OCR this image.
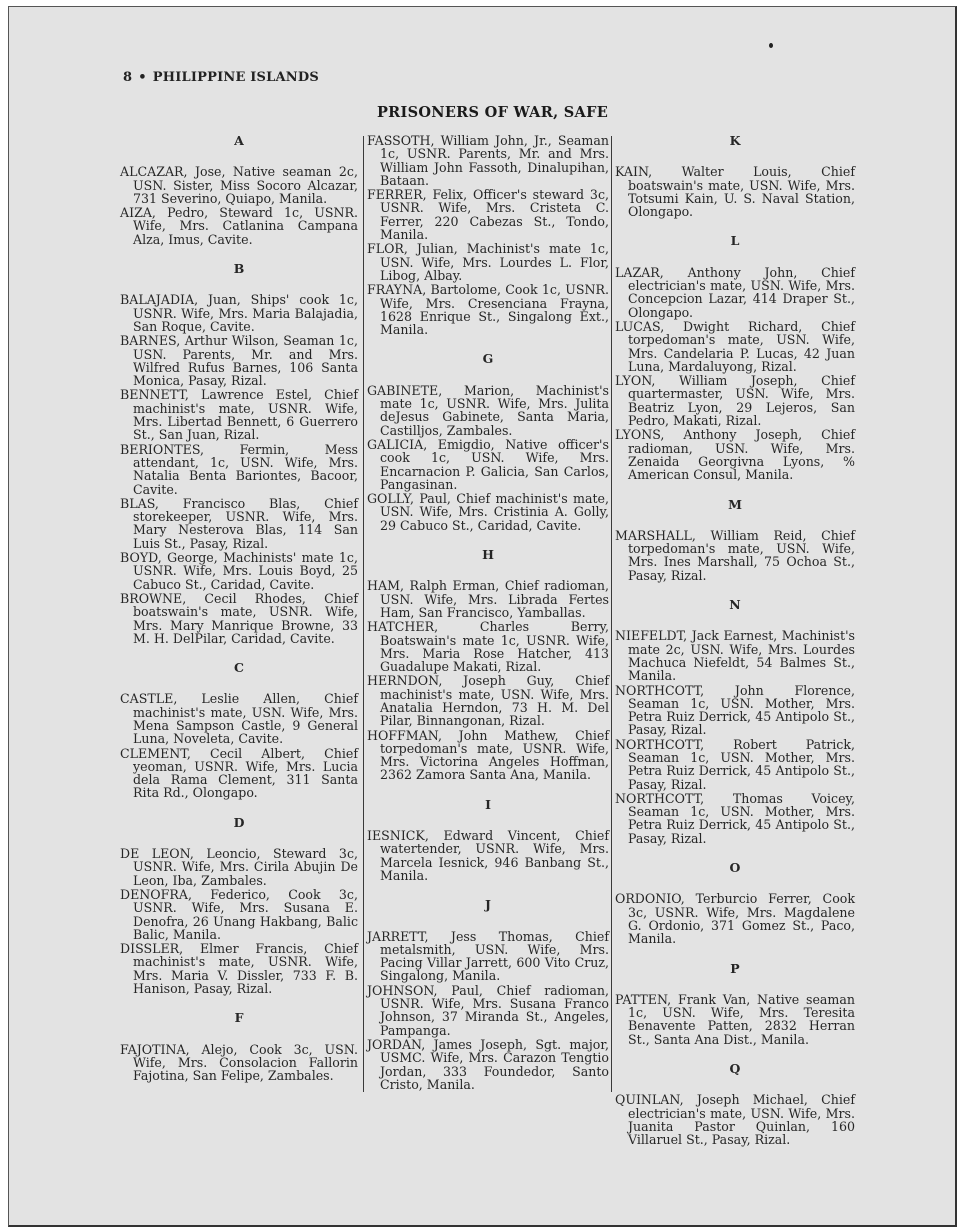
8 • PHILIPPINE ISLANDS
PRISONERS OF WAR, SAFE
A
ALCAZAR, Jose, Native seaman 2c, USN. Sister, Miss Socoro Alcazar, 731 Severino, Quiapo, Manila.
AIZA, Pedro, Steward 1c, USNR. Wife, Mrs. Catlanina Campana Alza, Imus, Cavite.
B
BALAJADIA, Juan, Ships' cook 1c, USNR. Wife, Mrs. Maria Balajadia, San Roque, Cavite.
BARNES, Arthur Wilson, Seaman 1c, USN. Parents, Mr. and Mrs. Wilfred Rufus Barnes, 106 Santa Monica, Pasay, Rizal.
BENNETT, Lawrence Estel, Chief machinist's mate, USNR. Wife, Mrs. Libertad Bennett, 6 Guerrero St., San Juan, Rizal.
BERIONTES,	Fermin, Mess attendant, 1c, USN. Wife, Mrs. Natalia Benta Bariontes, Bacoor, Cavite.
BLAS, Francisco Blas, Chief storekeeper, USNR. Wife, Mrs. Mary Nesterova Blas, 114 San Luis St., Pasay, Rizal.
BOYD, George, Machinists' mate 1c, USNR. Wife, Mrs. Louis Boyd, 25 Cabuco St., Caridad, Cavite.
BROWNE, Cecil Rhodes, Chief boatswain's mate, USNR. Wife, Mrs. Mary Manrique Browne, 33 M. H. DelPilar, Caridad, Cavite.
C
CASTLE, Leslie Allen, Chief machinist's mate, USN. Wife, Mrs. Mena Sampson Castle, 9 General Luna, Noveleta, Cavite.
CLEMENT, Cecil Albert, Chief yeoman, USNR. Wife, Mrs. Lucia dela Rama Clement, 311 Santa Rita Rd., Olongapo.
D
DE LEON, Leoncio, Steward 3c, USNR. Wife, Mrs. Cirila Abujin De Leon, Iba, Zambales.
DENOFRA, Federico, Cook 3c, USNR. Wife, Mrs. Susana E. Denofra, 26 Unang Hakbang, Balic Balic, Manila.
DISSLER, Elmer Francis, Chief machinist's mate, USNR. Wife, Mrs. Maria V. Dissler, 733 F. B. Hanison, Pasay, Rizal.
F
FAJOTINA, Alejo, Cook 3c, USN. Wife, Mrs. Consolacion Fallorin Fajotina, San Felipe, Zambales.
FASSOTH, William John, Jr., Seaman 1c, USNR. Parents, Mr. and Mrs. William John Fassoth, Dinalupihan, Bataan.
FERRER, Felix, Officer's steward 3c, USNR. Wife, Mrs. Cristeta C. Ferrer, 220 Cabezas St., Tondo, Manila.
FLOR, Julian, Machinist's mate 1c, USN. Wife, Mrs. Lourdes L. Flor, Libog, Albay.
FRAYNA, Bartolome, Cook 1c, USNR. Wife, Mrs. Cresenciana Frayna, 1628 Enrique St., Singalong Ext., Manila.
G
GABINETE, Marion, Machinist's mate 1c, USNR. Wife, Mrs. Julita deJesus Gabinete, Santa Maria, Castilljos, Zambales.
GALICIA, Emigdio, Native officer's cook 1c, USN. Wife, Mrs. Encarnacion P. Galicia, San Carlos, Pangasinan.
GOLLY, Paul, Chief machinist's mate, USN. Wife, Mrs. Cristinia A. Golly, 29 Cabuco St., Caridad, Cavite.
H
HAM, Ralph Erman, Chief radioman, USN. Wife, Mrs. Librada Fertes Ham, San Francisco, Yamballas.
HATCHER,	Charles Berry, Boatswain's mate 1c, USNR. Wife, Mrs. Maria Rose Hatcher, 413 Guadalupe Makati, Rizal.
HERNDON, Joseph Guy, Chief machinist's mate, USN. Wife, Mrs. Anatalia Herndon, 73 H. M. Del Pilar, Binnangonan, Rizal.
HOFFMAN, John Mathew, Chief torpedoman's mate, USNR. Wife, Mrs. Victorina Angeles Hoffman, 2362 Zamora Santa Ana, Manila.
I
IESNICK, Edward Vincent, Chief watertender, USNR. Wife, Mrs. Marcela Iesnick, 946 Banbang St., Manila.
J
JARRETT, Jess Thomas, Chief metalsmith, USN. Wife, Mrs. Pacing Villar Jarrett, 600 Vito Cruz, Singalong, Manila.
JOHNSON, Paul, Chief radioman, USNR. Wife, Mrs. Susana Franco Johnson, 37 Miranda St., Angeles, Pampanga.
JORDAN, James Joseph, Sgt. major, USMC. Wife, Mrs. Carazon Tengtio Jordan, 333 Foundedor, Santo Cristo, Manila.
K
KAIN, Walter Louis, Chief boatswain's mate, USN. Wife, Mrs. Totsumi Kain, U. S. Naval Station, Olongapo.
L
LAZAR, Anthony John, Chief electrician's mate, USN. Wife, Mrs. Concepcion Lazar, 414 Draper St., Olongapo.
LUCAS, Dwight Richard, Chief torpedoman's mate, USN. Wife, Mrs. Candelaria P. Lucas, 42 Juan Luna, Mardaluyong, Rizal.
LYON, William Joseph, Chief quartermaster, USN. Wife, Mrs. Beatriz Lyon, 29 Lejeros, San Pedro, Makati, Rizal.
LYONS, Anthony Joseph, Chief radioman, USN. Wife, Mrs. Zenaida Georgivna Lyons, % American Consul, Manila.
M
MARSHALL, William Reid, Chief torpedoman's mate, USN. Wife, Mrs. Ines Marshall, 75 Ochoa St., Pasay, Rizal.
N
NIEFELDT, Jack Earnest, Machinist's mate 2c, USN. Wife, Mrs. Lourdes Machuca Niefeldt, 54 Balmes St., Manila.
NORTHCOTT, John Florence, Seaman 1c, USN. Mother, Mrs. Petra Ruiz Derrick, 45 Antipolo St., Pasay, Rizal.
NORTHCOTT, Robert Patrick, Seaman 1c, USN. Mother, Mrs. Petra Ruiz Derrick, 45 Antipolo St., Pasay, Rizal.
NORTHCOTT, Thomas Voicey, Seaman 1c, USN. Mother, Mrs. Petra Ruiz Derrick, 45 Antipolo St., Pasay, Rizal.
O
ORDONIO, Terburcio Ferrer, Cook 3c, USNR. Wife, Mrs. Magdalene G. Ordonio, 371 Gomez St., Paco, Manila.
P
PATTEN, Frank Van, Native seaman 1c, USN. Wife, Mrs. Teresita Benavente Patten, 2832 Herran St., Santa Ana Dist., Manila.
Q
QUINLAN, Joseph Michael, Chief electrician's mate, USN. Wife, Mrs. Juanita Pastor Quinlan, 160 Villaruel St., Pasay, Rizal.
